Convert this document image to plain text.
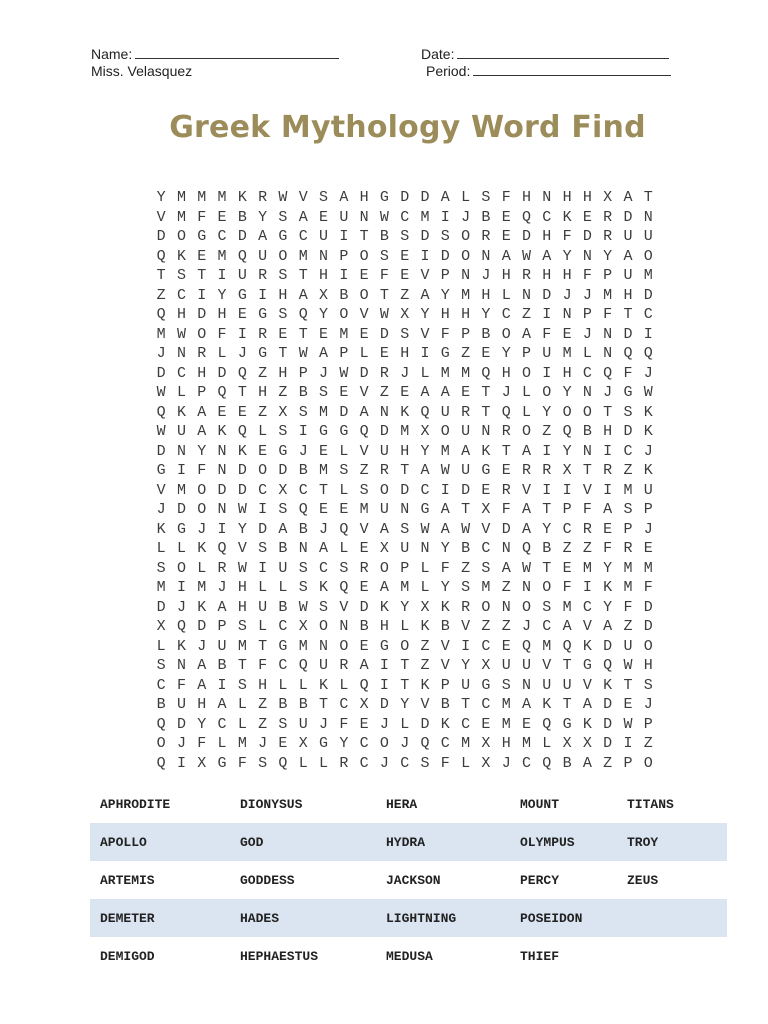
Name:
Miss. Velasquez
Date:
Period:
Greek Mythology Word Find
Y M M M K R W V S A H G D D A L S F H N H H X A T
V M F E B Y S A E U N W C M I J B E Q C K E R D N
D O G C D A G C U I T B S D S O R E D H F D R U U
Q K E M Q U O M N P O S E I D O N A W A Y N Y A O
T S T I U R S T H I E F E V P N J H R H H F P U M
Z C I Y G I H A X B O T Z A Y M H L N D J J M H D
Q H D H E G S Q Y O V W X Y H H Y C Z I N P F T C
M W O F I R E T E M E D S V F P B O A F E J N D I
J N R L J G T W A P L E H I G Z E Y P U M L N Q Q
D C H D Q Z H P J W D R J L M M Q H O I H C Q F J
W L P Q T H Z B S E V Z E A A E T J L O Y N J G W
Q K A E E Z X S M D A N K Q U R T Q L Y O O T S K
W U A K Q L S I G G Q D M X O U N R O Z Q B H D K
D N Y N K E G J E L V U H Y M A K T A I Y N I C J
G I F N D O D B M S Z R T A W U G E R R X T R Z K
V M O D D C X C T L S O D C I D E R V I I V I M U
J D O N W I S Q E E M U N G A T X F A T P F A S P
K G J I Y D A B J Q V A S W A W V D A Y C R E P J
L L K Q V S B N A L E X U N Y B C N Q B Z Z F R E
S O L R W I U S C S R O P L F Z S A W T E M Y M M
M I M J H L L S K Q E A M L Y S M Z N O F I K M F
D J K A H U B W S V D K Y X K R O N O S M C Y F D
X Q D P S L C X O N B H L K B V Z Z J C A V A Z D
L K J U M T G M N O E G O Z V I C E Q M Q K D U O
S N A B T F C Q U R A I T Z V Y X U U V T G Q W H
C F A I S H L L K L Q I T K P U G S N U U V K T S
B U H A L Z B B T C X D Y V B T C M A K T A D E J
Q D Y C L Z S U J F E J L D K C E M E Q G K D W P
O J F L M J E X G Y C O J Q C M X H M L X X D I Z
Q I X G F S Q L L R C J C S F L X J C Q B A Z P O
APHRODITE	DIONYSUS	HERA	MOUNT	TITANS
APOLLO	GOD	HYDRA	OLYMPUS	TROY
ARTEMIS	GODDESS	JACKSON	PERCY	ZEUS
DEMETER	HADES	LIGHTNING	POSEIDON
DEMIGOD	HEPHAESTUS	MEDUSA	THIEF
